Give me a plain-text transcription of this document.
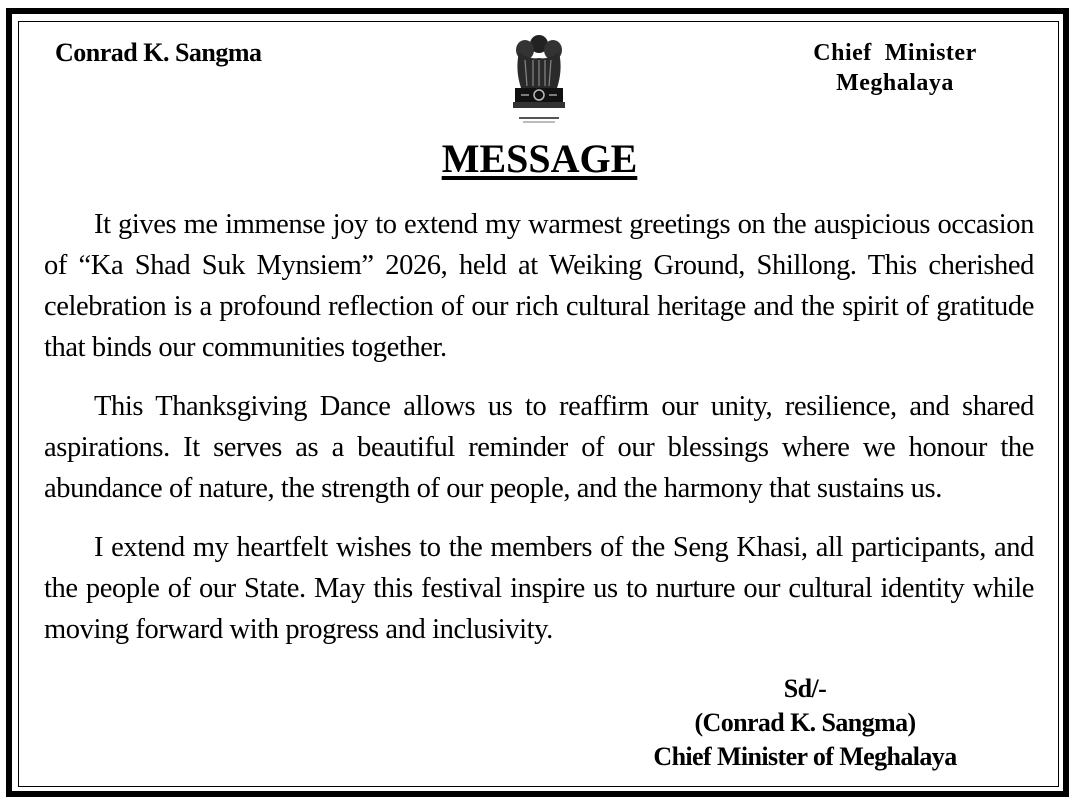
Conrad K. Sangma	Chief  Minister
Meghalaya
MESSAGE

It gives me immense joy to extend my warmest greetings on the auspicious occasion of “Ka Shad Suk Mynsiem” 2026, held at Weiking Ground, Shillong. This cherished celebration is a profound reflection of our rich cultural heritage and the spirit of gratitude that binds our communities together.

This Thanksgiving Dance allows us to reaffirm our unity, resilience, and shared aspirations. It serves as a beautiful reminder of our blessings where we honour the abundance of nature, the strength of our people, and the harmony that sustains us.

I extend my heartfelt wishes to the members of the Seng Khasi, all participants, and the people of our State. May this festival inspire us to nurture our cultural identity while moving forward with progress and inclusivity.

Sd/-
(Conrad K. Sangma)
Chief Minister of Meghalaya
